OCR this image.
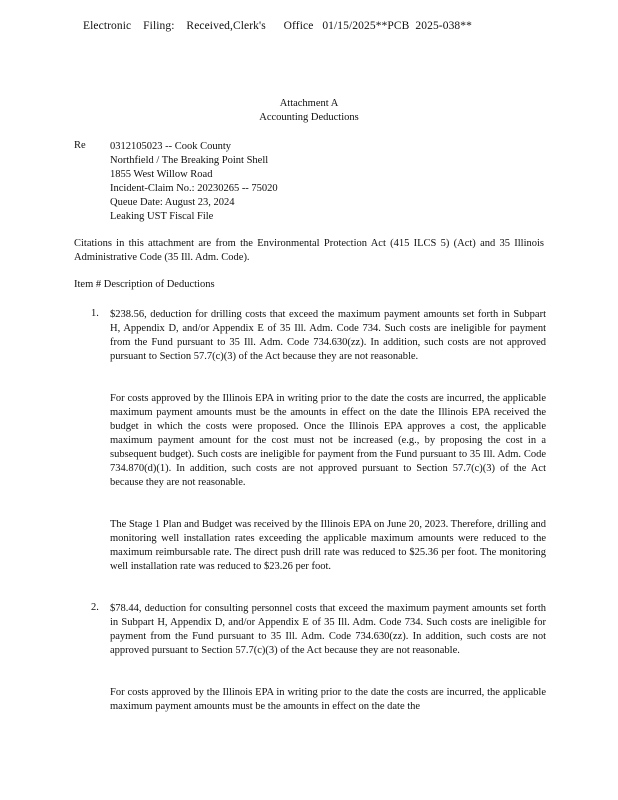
Electronic    Filing:    Received,Clerk's      Office   01/15/2025**PCB  2025-038**
Attachment A
Accounting Deductions
Re 0312105023 -- Cook County
Northfield / The Breaking Point Shell
1855 West Willow Road
Incident-Claim No.: 20230265 -- 75020
Queue Date: August 23, 2024
Leaking UST Fiscal File
Citations in this attachment are from the Environmental Protection Act (415 ILCS 5) (Act) and 35 Illinois Administrative Code (35 Ill. Adm. Code).
Item # Description of Deductions
1. $238.56, deduction for drilling costs that exceed the maximum payment amounts set forth in Subpart H, Appendix D, and/or Appendix E of 35 Ill. Adm. Code 734. Such costs are ineligible for payment from the Fund pursuant to 35 Ill. Adm. Code 734.630(zz). In addition, such costs are not approved pursuant to Section 57.7(c)(3) of the Act because they are not reasonable.
For costs approved by the Illinois EPA in writing prior to the date the costs are incurred, the applicable maximum payment amounts must be the amounts in effect on the date the Illinois EPA received the budget in which the costs were proposed. Once the Illinois EPA approves a cost, the applicable maximum payment amount for the cost must not be increased (e.g., by proposing the cost in a subsequent budget). Such costs are ineligible for payment from the Fund pursuant to 35 Ill. Adm. Code 734.870(d)(1). In addition, such costs are not approved pursuant to Section 57.7(c)(3) of the Act because they are not reasonable.
The Stage 1 Plan and Budget was received by the Illinois EPA on June 20, 2023. Therefore, drilling and monitoring well installation rates exceeding the applicable maximum amounts were reduced to the maximum reimbursable rate. The direct push drill rate was reduced to $25.36 per foot. The monitoring well installation rate was reduced to $23.26 per foot.
2. $78.44, deduction for consulting personnel costs that exceed the maximum payment amounts set forth in Subpart H, Appendix D, and/or Appendix E of 35 Ill. Adm. Code 734. Such costs are ineligible for payment from the Fund pursuant to 35 Ill. Adm. Code 734.630(zz). In addition, such costs are not approved pursuant to Section 57.7(c)(3) of the Act because they are not reasonable.
For costs approved by the Illinois EPA in writing prior to the date the costs are incurred, the applicable maximum payment amounts must be the amounts in effect on the date the
